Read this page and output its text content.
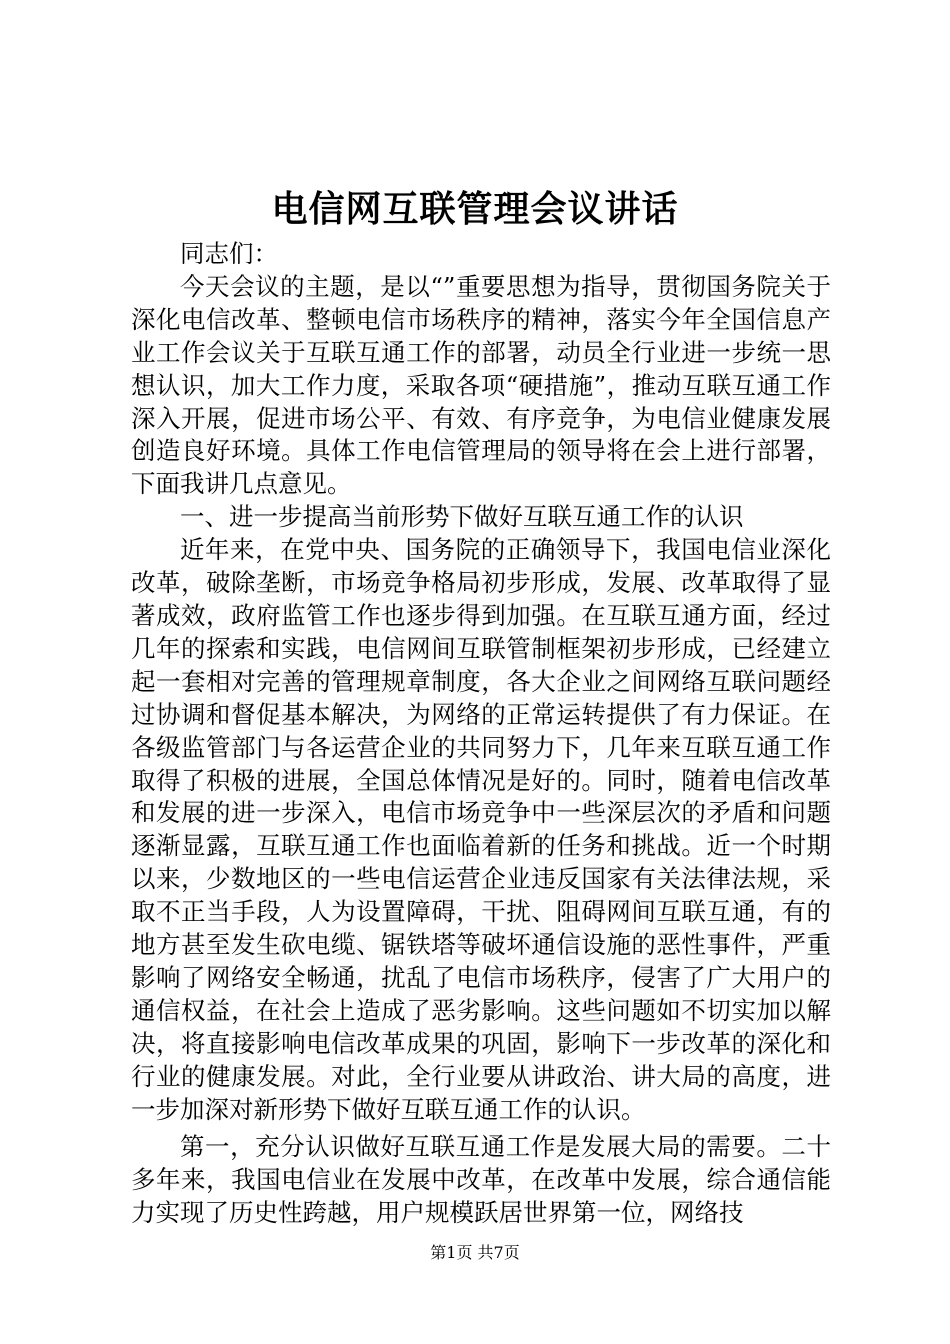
电信网互联管理会议讲话

同志们：

今天会议的主题，是以“”重要思想为指导，贯彻国务院关于深化电信改革、整顿电信市场秩序的精神，落实今年全国信息产业工作会议关于互联互通工作的部署，动员全行业进一步统一思想认识，加大工作力度，采取各项“硬措施”，推动互联互通工作深入开展，促进市场公平、有效、有序竞争，为电信业健康发展创造良好环境。具体工作电信管理局的领导将在会上进行部署，下面我讲几点意见。

一、进一步提高当前形势下做好互联互通工作的认识

近年来，在党中央、国务院的正确领导下，我国电信业深化改革，破除垄断，市场竞争格局初步形成，发展、改革取得了显著成效，政府监管工作也逐步得到加强。在互联互通方面，经过几年的探索和实践，电信网间互联管制框架初步形成，已经建立起一套相对完善的管理规章制度，各大企业之间网络互联问题经过协调和督促基本解决，为网络的正常运转提供了有力保证。在各级监管部门与各运营企业的共同努力下，几年来互联互通工作取得了积极的进展，全国总体情况是好的。同时，随着电信改革和发展的进一步深入，电信市场竞争中一些深层次的矛盾和问题逐渐显露，互联互通工作也面临着新的任务和挑战。近一个时期以来，少数地区的一些电信运营企业违反国家有关法律法规，采取不正当手段，人为设置障碍，干扰、阻碍网间互联互通，有的地方甚至发生砍电缆、锯铁塔等破坏通信设施的恶性事件，严重影响了网络安全畅通，扰乱了电信市场秩序，侵害了广大用户的通信权益，在社会上造成了恶劣影响。这些问题如不切实加以解决，将直接影响电信改革成果的巩固，影响下一步改革的深化和行业的健康发展。对此，全行业要从讲政治、讲大局的高度，进一步加深对新形势下做好互联互通工作的认识。

第一，充分认识做好互联互通工作是发展大局的需要。二十多年来，我国电信业在发展中改革，在改革中发展，综合通信能力实现了历史性跨越，用户规模跃居世界第一位，网络技

第1页 共7页
